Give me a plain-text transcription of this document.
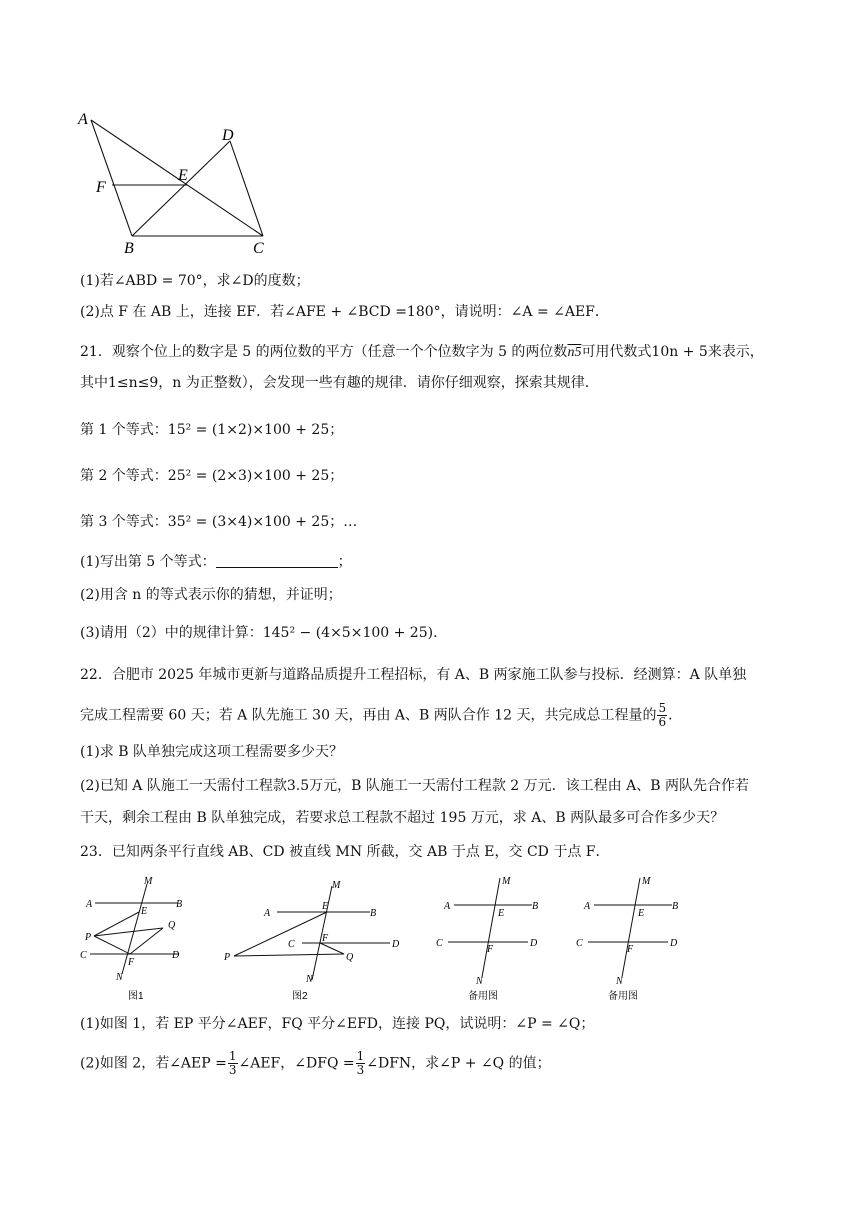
A
D
E
F
B	C
(1)若∠ABD = 70°，求∠D的度数；
(2)点 F 在 AB 上，连接 EF．若∠AFE + ∠BCD =180°，请说明：∠A = ∠AEF．
21．观察个位上的数字是 5 的两位数的平方（任意一个个位数字为 5 的两位数n5可用代数式10n + 5来表示，
其中1≤n≤9，n 为正整数），会发现一些有趣的规律．请你仔细观察，探索其规律．
第 1 个等式：15² = (1×2)×100 + 25；
第 2 个等式：25² = (2×3)×100 + 25；
第 3 个等式：35² = (3×4)×100 + 25；…
(1)写出第 5 个等式：	；
(2)用含 n 的等式表示你的猜想，并证明；
(3)请用（2）中的规律计算：145² − (4×5×100 + 25).
22．合肥市 2025 年城市更新与道路品质提升工程招标，有 A、B 两家施工队参与投标．经测算：A 队单独
完成工程需要 60 天；若 A 队先施工 30 天，再由 A、B 两队合作 12 天，共完成总工程量的 $\frac{5}{6}$ ．
(1)求 B 队单独完成这项工程需要多少天？
(2)已知 A 队施工一天需付工程款3.5万元，B 队施工一天需付工程款 2 万元．该工程由 A、B 两队先合作若
干天，剩余工程由 B 队单独完成，若要求总工程款不超过 195 万元，求 A、B 两队最多可合作多少天？
23．已知两条平行直线 AB、CD 被直线 MN 所截，交 AB 于点 E，交 CD 于点 F．
M
A	B
E
Q
P
C
F
D
N
图1
M
A
E
B
C
F
D
P	Q
N
图2
M
A
E
B
C
F
D
N
备用图
M
A
E
B
C
F
D
N
备用图
(1)如图 1，若 EP 平分∠AEF，FQ 平分∠EFD，连接 PQ，试说明：∠P = ∠Q；
(2)如图 2，若∠AEP = $\frac{1}{3}$ ∠AEF，∠DFQ = $\frac{1}{3}$ ∠DFN，求∠P + ∠Q 的值；
